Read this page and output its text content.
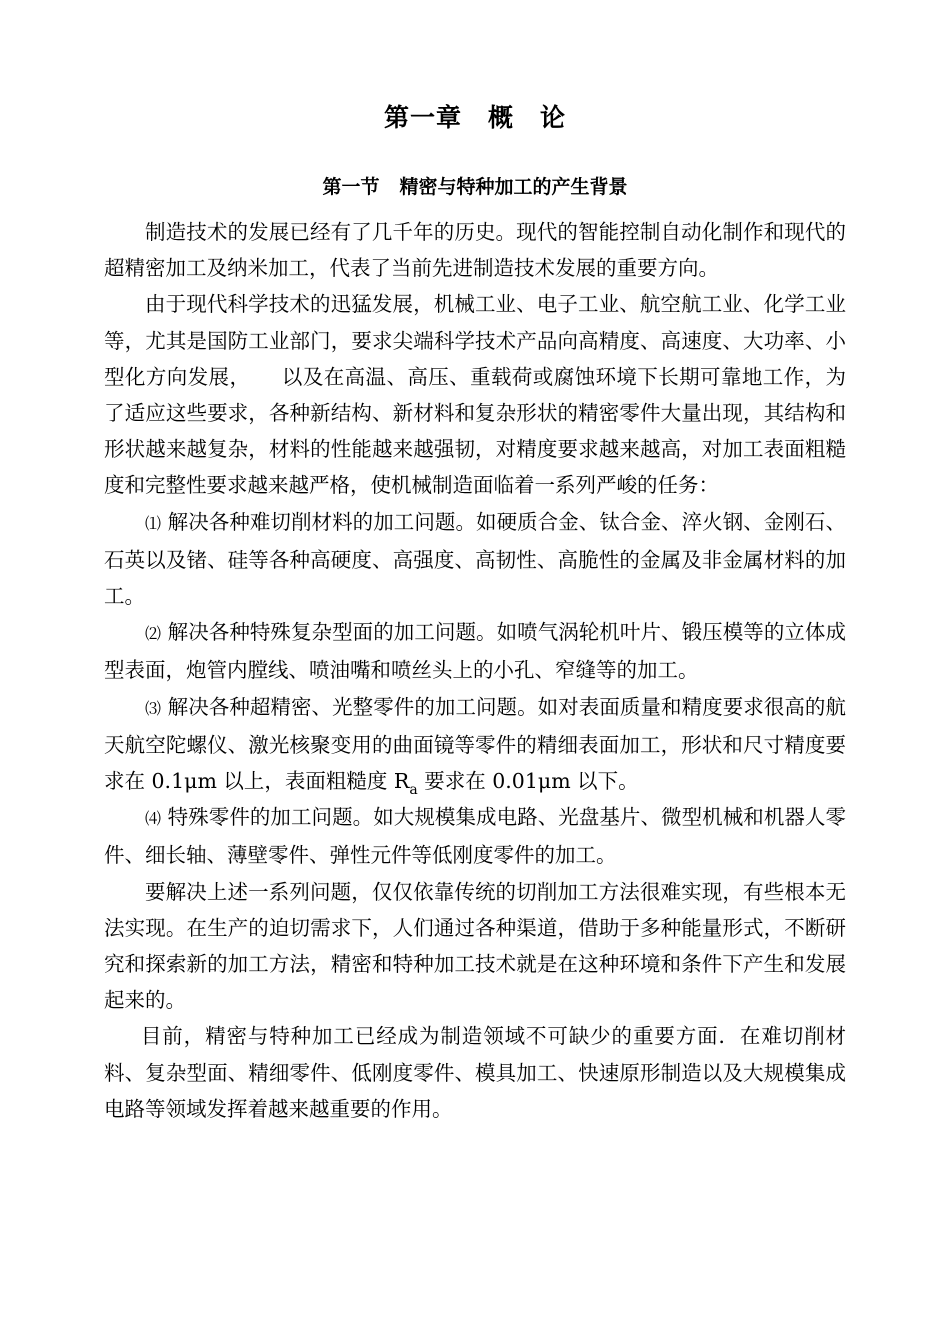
第一章 概　论
第一节 精密与特种加工的产生背景

制造技术的发展已经有了几千年的历史。现代的智能控制自动化制作和现代的超精密加工及纳米加工，代表了当前先进制造技术发展的重要方向。

由于现代科学技术的迅猛发展，机械工业、电子工业、航空航工业、化学工业等，尤其是国防工业部门，要求尖端科学技术产品向高精度、高速度、大功率、小型化方向发展，　　以及在高温、高压、重载荷或腐蚀环境下长期可靠地工作，为了适应这些要求，各种新结构、新材料和复杂形状的精密零件大量出现，其结构和形状越来越复杂，材料的性能越来越强韧，对精度要求越来越高，对加工表面粗糙度和完整性要求越来越严格，使机械制造面临着一系列严峻的任务：

⑴ 解决各种难切削材料的加工问题。如硬质合金、钛合金、淬火钢、金刚石、石英以及锗、硅等各种高硬度、高强度、高韧性、高脆性的金属及非金属材料的加工。

⑵ 解决各种特殊复杂型面的加工问题。如喷气涡轮机叶片、锻压模等的立体成型表面，炮管内膛线、喷油嘴和喷丝头上的小孔、窄缝等的加工。

⑶ 解决各种超精密、光整零件的加工问题。如对表面质量和精度要求很高的航天航空陀螺仪、激光核聚变用的曲面镜等零件的精细表面加工，形状和尺寸精度要求在 0.1μm 以上，表面粗糙度 $R_a$ 要求在 0.01μm 以下。

⑷ 特殊零件的加工问题。如大规模集成电路、光盘基片、微型机械和机器人零件、细长轴、薄壁零件、弹性元件等低刚度零件的加工。

要解决上述一系列问题，仅仅依靠传统的切削加工方法很难实现，有些根本无法实现。在生产的迫切需求下，人们通过各种渠道，借助于多种能量形式，不断研究和探索新的加工方法，精密和特种加工技术就是在这种环境和条件下产生和发展起来的。

目前，精密与特种加工已经成为制造领域不可缺少的重要方面．在难切削材料、复杂型面、精细零件、低刚度零件、模具加工、快速原形制造以及大规模集成电路等领域发挥着越来越重要的作用。
